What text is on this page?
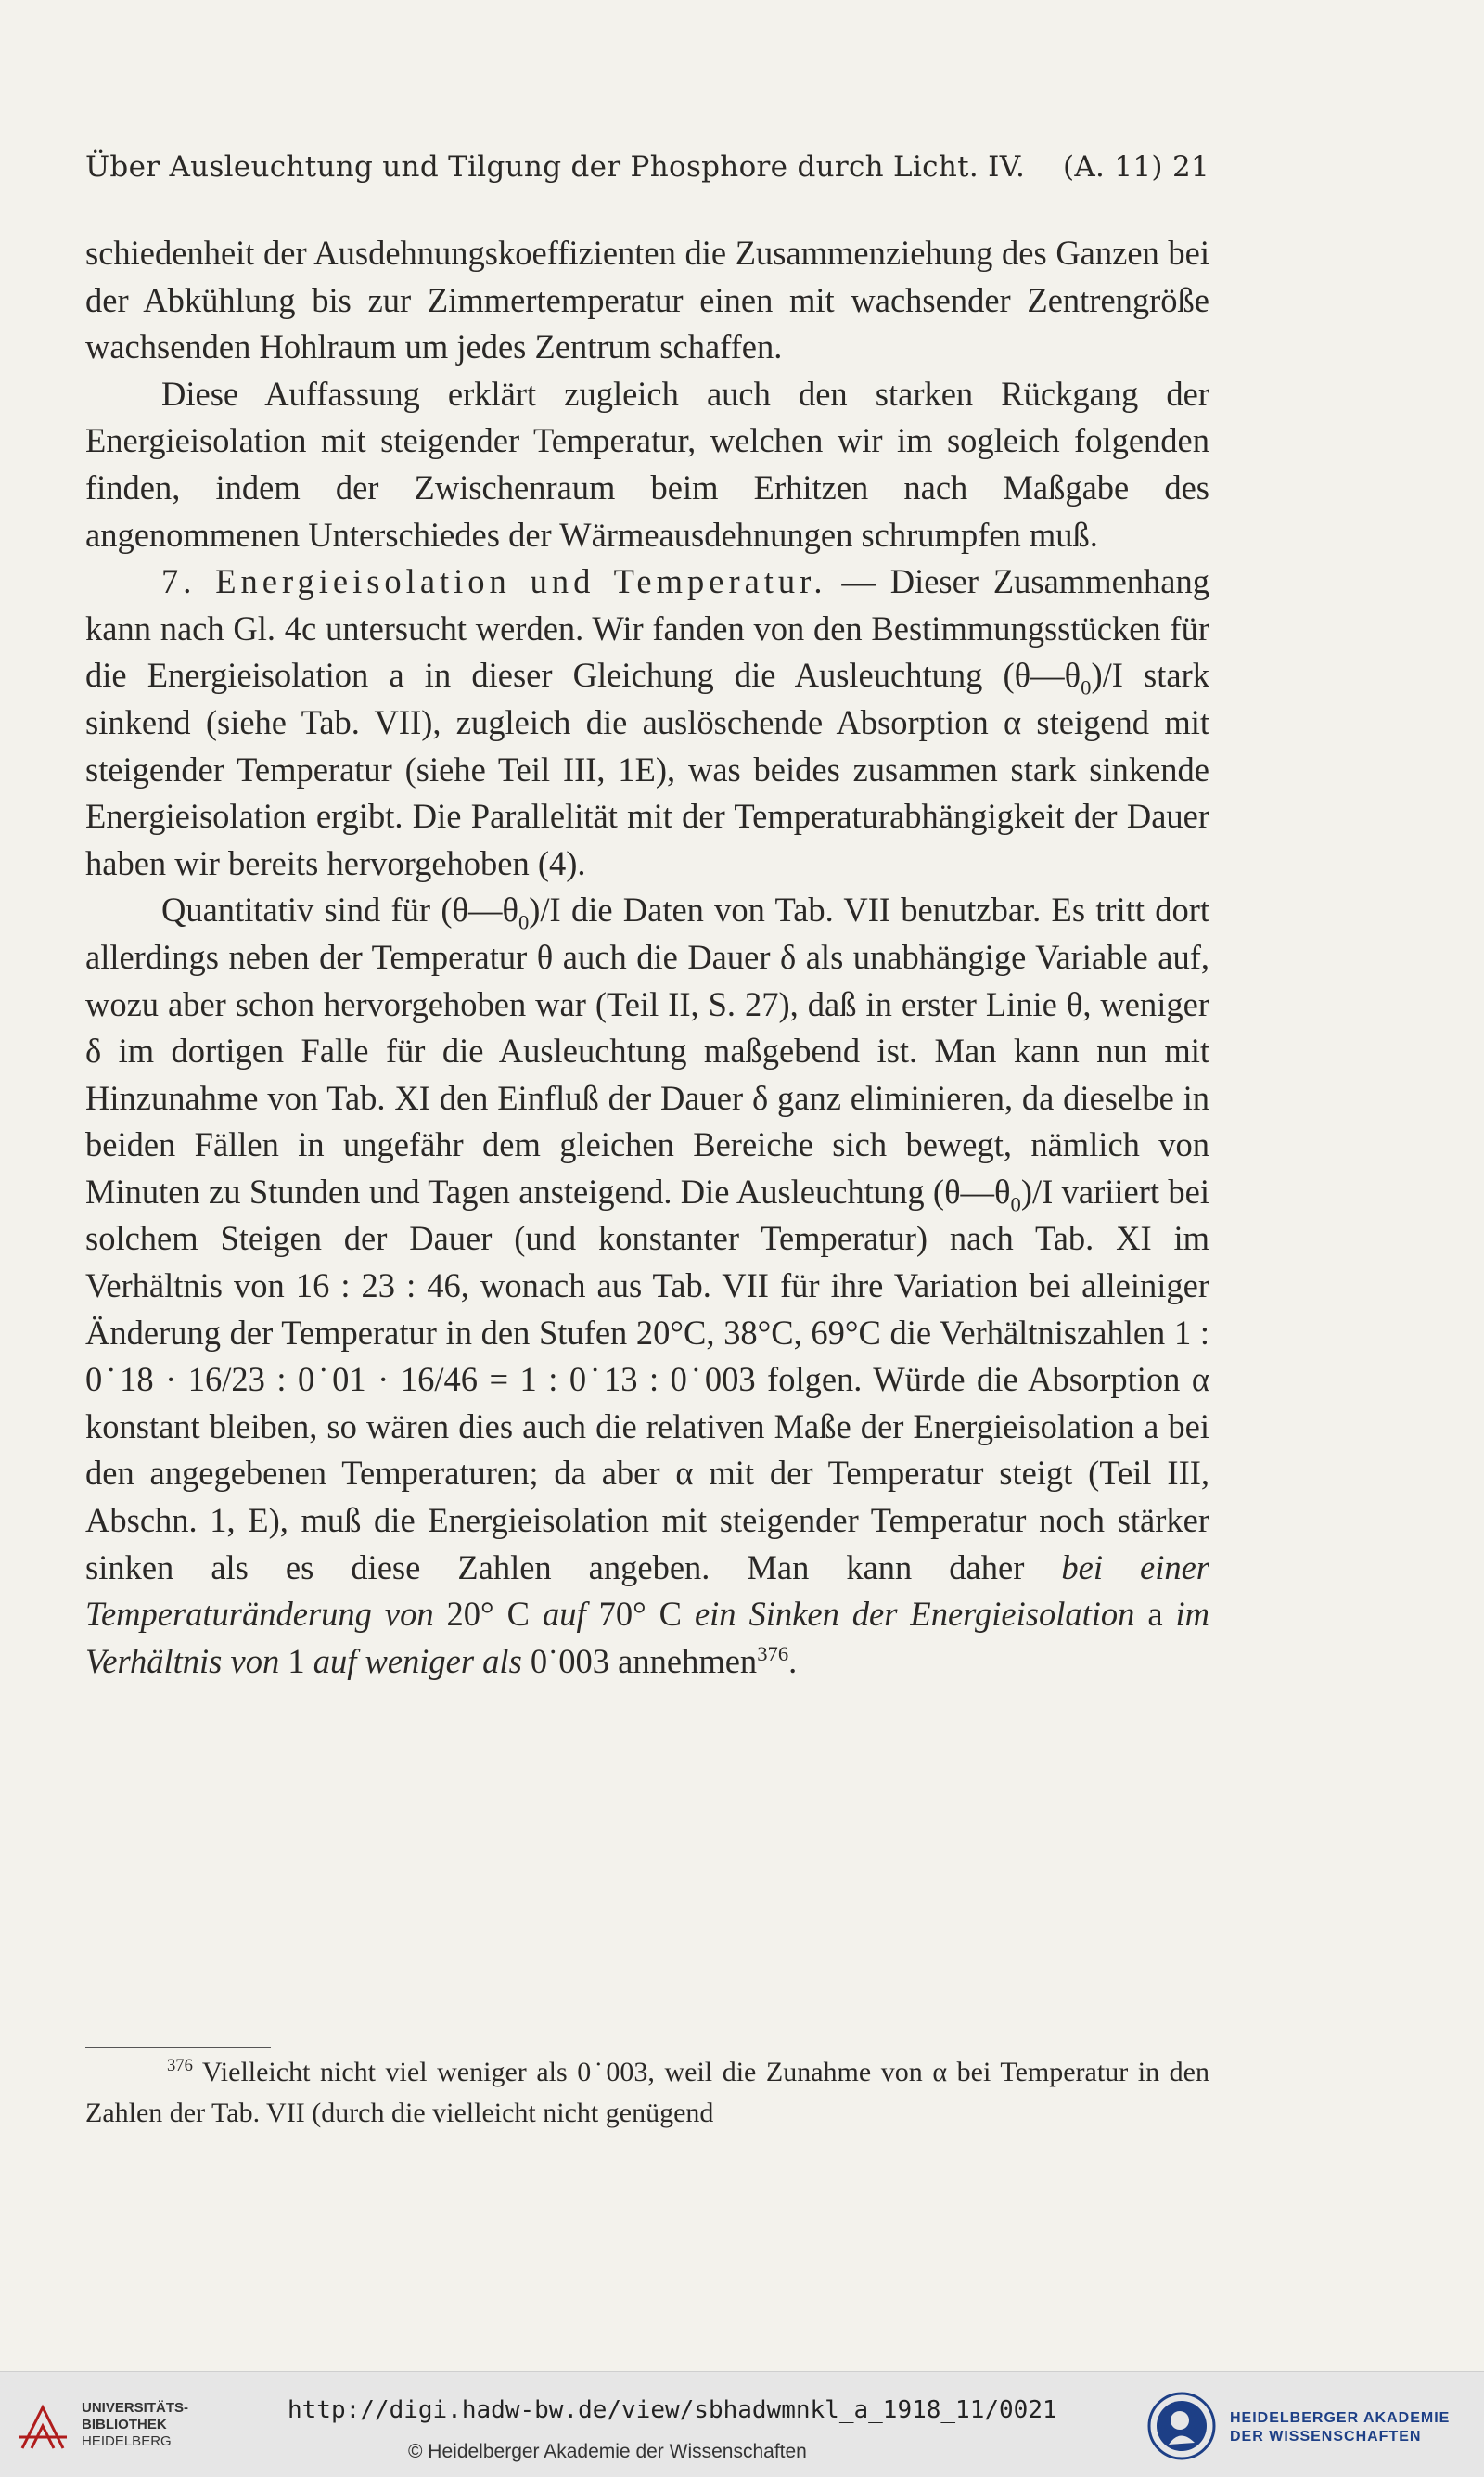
Über Ausleuchtung und Tilgung der Phosphore durch Licht. IV. (A. 11) 21

schiedenheit der Ausdehnungskoeffizienten die Zusammenziehung des Ganzen bei der Abkühlung bis zur Zimmertemperatur einen mit wachsender Zentrengröße wachsenden Hohlraum um jedes Zentrum schaffen.

Diese Auffassung erklärt zugleich auch den starken Rückgang der Energieisolation mit steigender Temperatur, welchen wir im sogleich folgenden finden, indem der Zwischenraum beim Erhitzen nach Maßgabe des angenommenen Unterschiedes der Wärmeausdehnungen schrumpfen muß.

7. Energieisolation und Temperatur. — Dieser Zusammenhang kann nach Gl. 4c untersucht werden. Wir fanden von den Bestimmungsstücken für die Energieisolation a in dieser Gleichung die Ausleuchtung $(\theta—\theta_0)/I$ stark sinkend (siehe Tab. VII), zugleich die auslöschende Absorption α steigend mit steigender Temperatur (siehe Teil III, 1E), was beides zusammen stark sinkende Energieisolation ergibt. Die Parallelität mit der Temperaturabhängigkeit der Dauer haben wir bereits hervorgehoben (4).

Quantitativ sind für $(\theta—\theta_0)/I$ die Daten von Tab. VII benutzbar. Es tritt dort allerdings neben der Temperatur θ auch die Dauer δ als unabhängige Variable auf, wozu aber schon hervorgehoben war (Teil II, S. 27), daß in erster Linie θ, weniger δ im dortigen Falle für die Ausleuchtung maßgebend ist. Man kann nun mit Hinzunahme von Tab. XI den Einfluß der Dauer δ ganz eliminieren, da dieselbe in beiden Fällen in ungefähr dem gleichen Bereiche sich bewegt, nämlich von Minuten zu Stunden und Tagen ansteigend. Die Ausleuchtung $(\theta—\theta_0)/I$ variiert bei solchem Steigen der Dauer (und konstanter Temperatur) nach Tab. XI im Verhältnis von 16 : 23 : 46, wonach aus Tab. VII für ihre Variation bei alleiniger Änderung der Temperatur in den Stufen 20°C, 38°C, 69°C die Verhältniszahlen 1 : 0˙18 · 16/23 : 0˙01 · 16/46 = 1 : 0˙13 : 0˙003 folgen. Würde die Absorption α konstant bleiben, so wären dies auch die relativen Maße der Energieisolation a bei den angegebenen Temperaturen; da aber α mit der Temperatur steigt (Teil III, Abschn. 1, E), muß die Energieisolation mit steigender Temperatur noch stärker sinken als es diese Zahlen angeben. Man kann daher bei einer Temperaturänderung von 20° C auf 70° C ein Sinken der Energieisolation a im Verhältnis von 1 auf weniger als 0˙003 annehmen$^{376}$.

$^{376}$ Vielleicht nicht viel weniger als 0˙003, weil die Zunahme von α bei Temperatur in den Zahlen der Tab. VII (durch die vielleicht nicht genügend
UNIVERSITÄTS-
BIBLIOTHEK
HEIDELBERG
http://digi.hadw-bw.de/view/sbhadwmnkl_a_1918_11/0021
© Heidelberger Akademie der Wissenschaften
HEIDELBERGER AKADEMIE
DER WISSENSCHAFTEN
